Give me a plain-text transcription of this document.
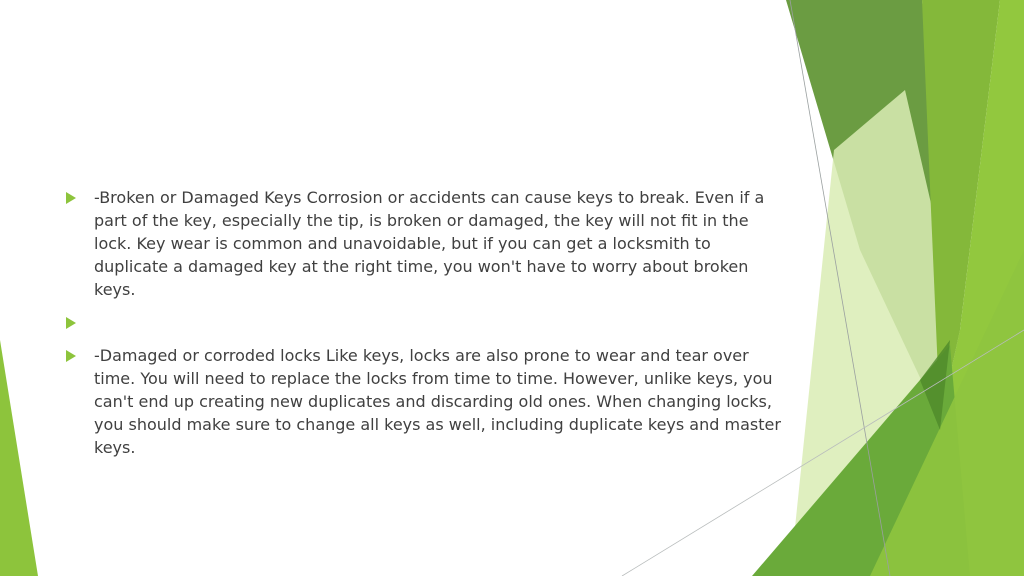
-Broken or Damaged Keys Corrosion or accidents can cause keys to break. Even if a part of the key, especially the tip, is broken or damaged, the key will not fit in the lock. Key wear is common and unavoidable, but if you can get a locksmith to duplicate a damaged key at the right time, you won't have to worry about broken keys.
-Damaged or corroded locks Like keys, locks are also prone to wear and tear over time. You will need to replace the locks from time to time. However, unlike keys, you can't end up creating new duplicates and discarding old ones. When changing locks, you should make sure to change all keys as well, including duplicate keys and master keys.
